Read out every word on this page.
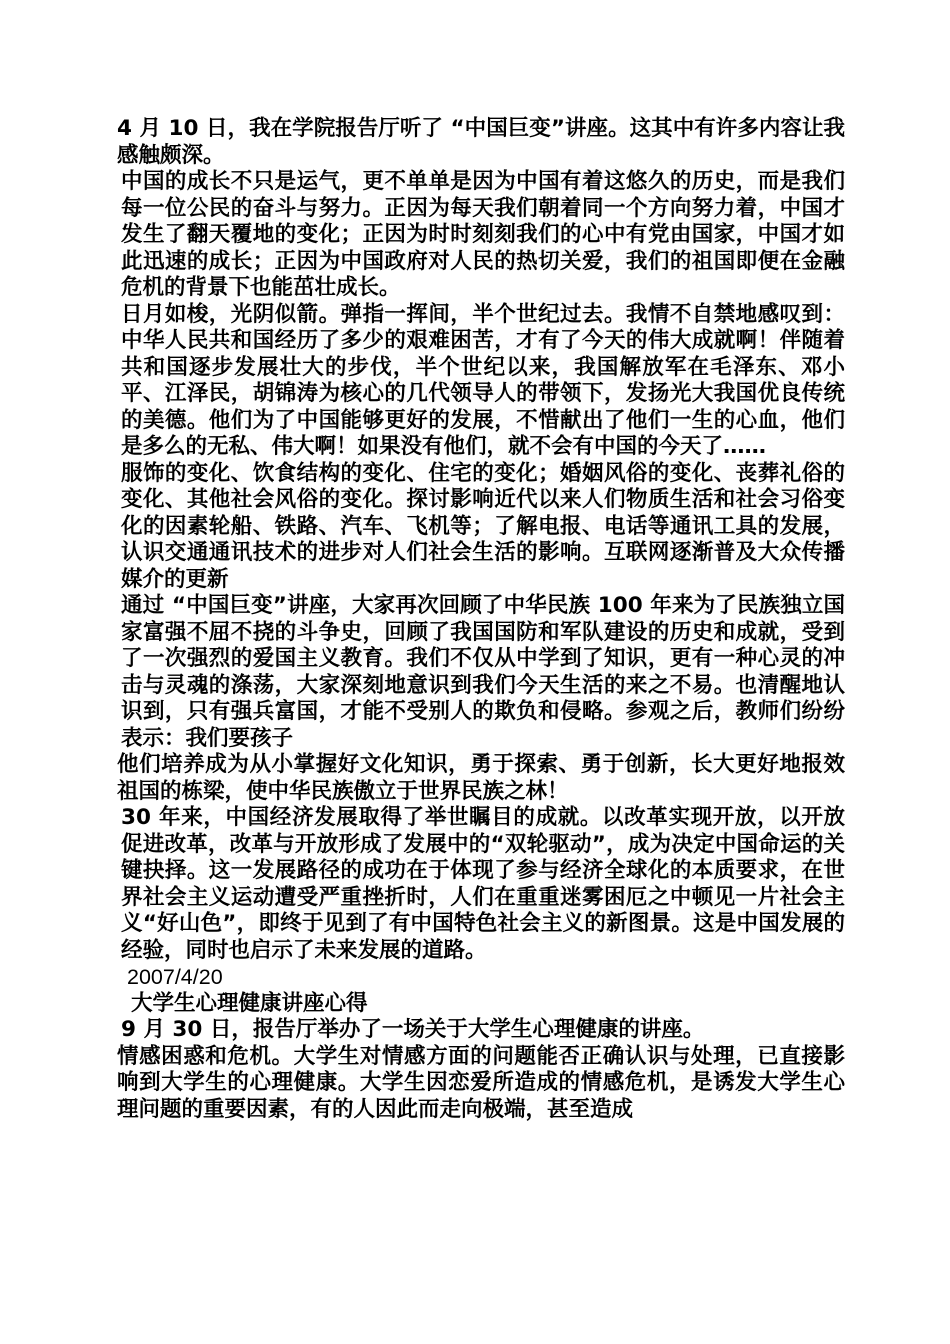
4 月 10 日，我在学院报告厅听了 “中国巨变”讲座。这其中有许多内容让我感触颇深。

中国的成长不只是运气，更不单单是因为中国有着这悠久的历史，而是我们每一位公民的奋斗与努力。正因为每天我们朝着同一个方向努力着，中国才发生了翻天覆地的变化；正因为时时刻刻我们的心中有党由国家，中国才如此迅速的成长；正因为中国政府对人民的热切关爱，我们的祖国即便在金融危机的背景下也能茁壮成长。

日月如梭，光阴似箭。弹指一挥间，半个世纪过去。我情不自禁地感叹到：中华人民共和国经历了多少的艰难困苦，才有了今天的伟大成就啊！伴随着共和国逐步发展壮大的步伐，半个世纪以来，我国解放军在毛泽东、邓小平、江泽民，胡锦涛为核心的几代领导人的带领下，发扬光大我国优良传统的美德。他们为了中国能够更好的发展，不惜献出了他们一生的心血，他们是多么的无私、伟大啊！如果没有他们，就不会有中国的今天了……

服饰的变化、饮食结构的变化、住宅的变化；婚姻风俗的变化、丧葬礼俗的变化、其他社会风俗的变化。探讨影响近代以来人们物质生活和社会习俗变化的因素轮船、铁路、汽车、飞机等；了解电报、电话等通讯工具的发展，认识交通通讯技术的进步对人们社会生活的影响。互联网逐渐普及大众传播媒介的更新

通过 “中国巨变”讲座，大家再次回顾了中华民族 100 年来为了民族独立国家富强不屈不挠的斗争史，回顾了我国国防和军队建设的历史和成就，受到了一次强烈的爱国主义教育。我们不仅从中学到了知识，更有一种心灵的冲击与灵魂的涤荡，大家深刻地意识到我们今天生活的来之不易。也清醒地认识到，只有强兵富国，才能不受别人的欺负和侵略。参观之后，教师们纷纷表示：我们要孩子

他们培养成为从小掌握好文化知识，勇于探索、勇于创新，长大更好地报效祖国的栋梁，使中华民族傲立于世界民族之林！

30 年来，中国经济发展取得了举世瞩目的成就。以改革实现开放，以开放促进改革，改革与开放形成了发展中的“双轮驱动”，成为决定中国命运的关键抉择。这一发展路径的成功在于体现了参与经济全球化的本质要求，在世界社会主义运动遭受严重挫折时，人们在重重迷雾困厄之中顿见一片社会主义“好山色”，即终于见到了有中国特色社会主义的新图景。这是中国发展的经验，同时也启示了未来发展的道路。

2007/4/20

大学生心理健康讲座心得

9 月 30 日，报告厅举办了一场关于大学生心理健康的讲座。

情感困惑和危机。大学生对情感方面的问题能否正确认识与处理，已直接影响到大学生的心理健康。大学生因恋爱所造成的情感危机，是诱发大学生心理问题的重要因素，有的人因此而走向极端，甚至造成
